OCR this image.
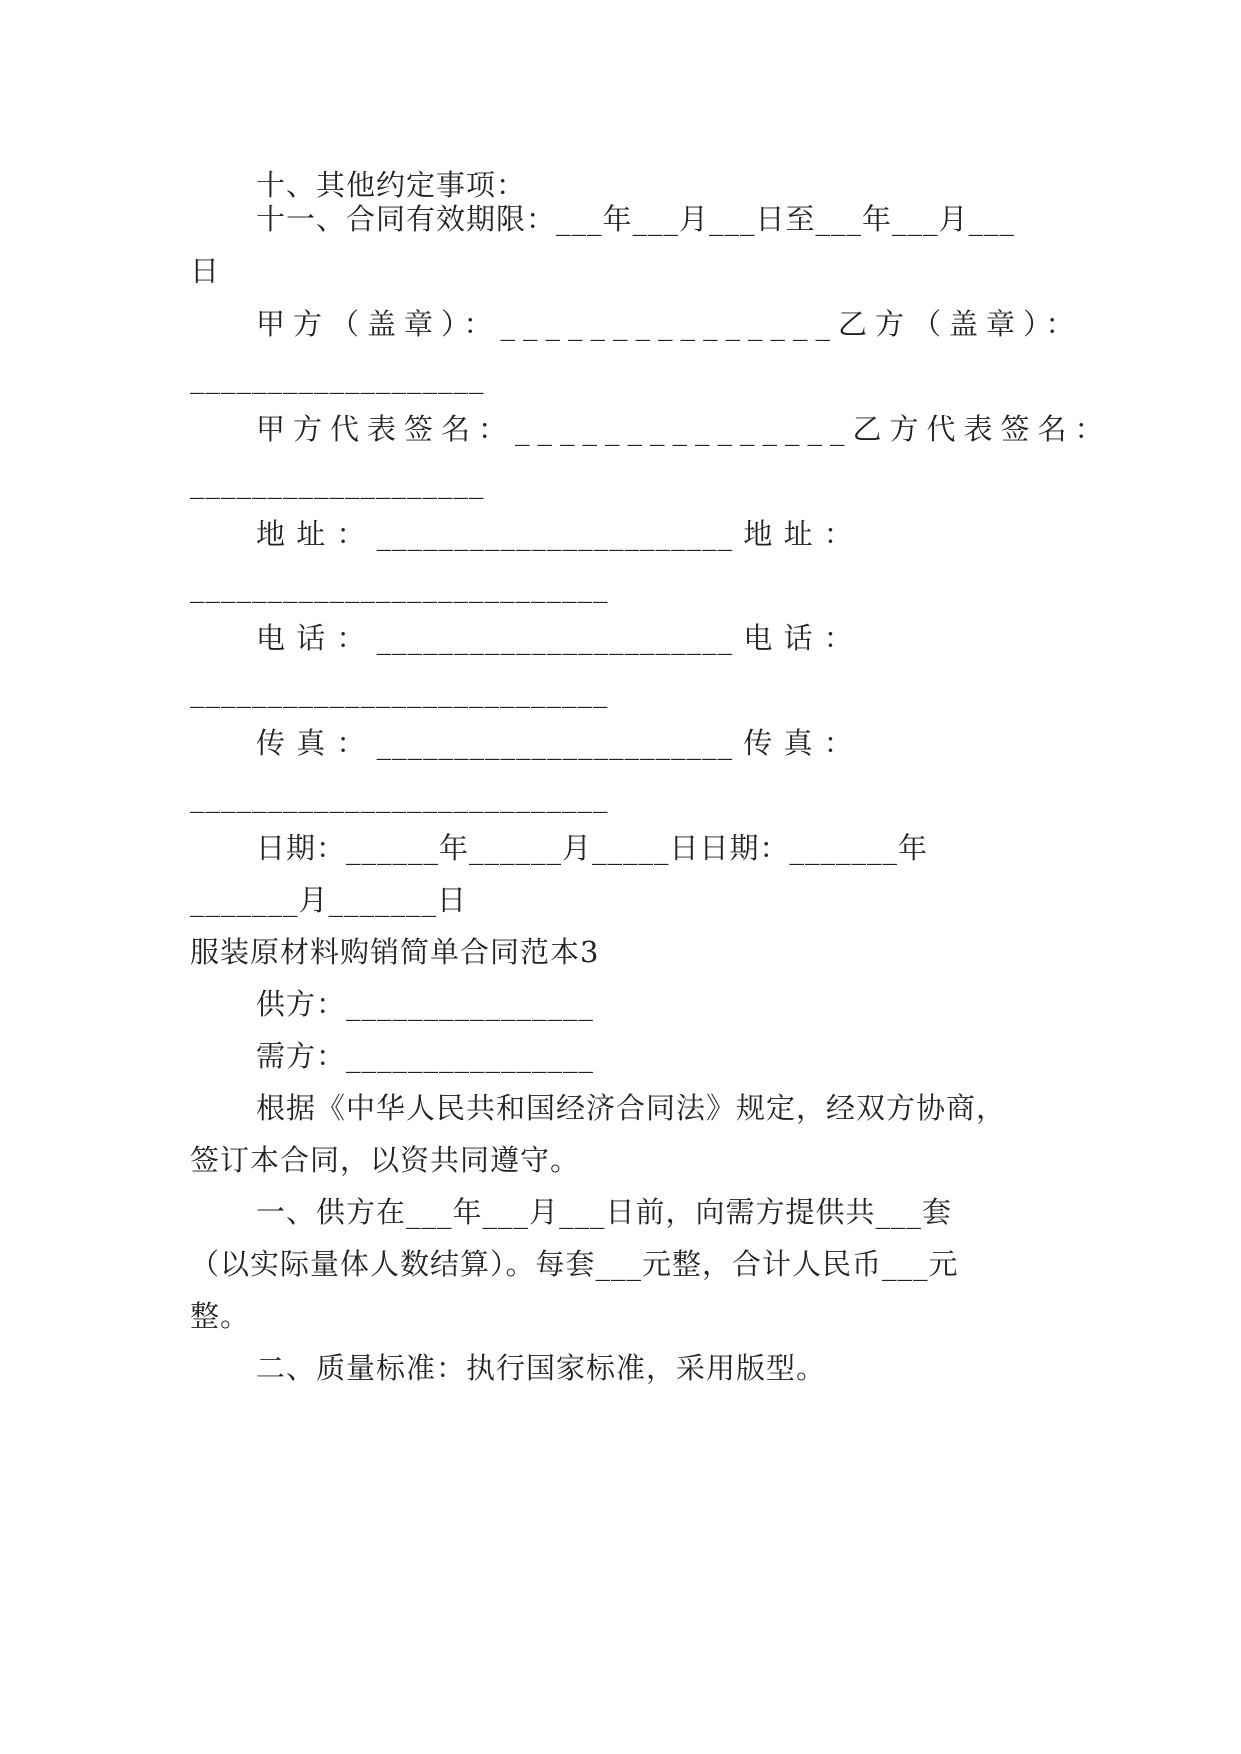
十、其他约定事项：
十一、合同有效期限：___年___月___日至___年___月___
日
甲方（盖章）：_______________乙方（盖章）：
___________________
甲方代表签名：_______________乙方代表签名：
___________________
地 址 ： _______________________ 地 址 ：
___________________________
电 话 ： _______________________ 电 话 ：
___________________________
传 真 ： _______________________ 传 真 ：
___________________________
日期：______年______月_____日日期：_______年
_______月_______日
服装原材料购销简单合同范本3
供方：________________
需方：________________
根据《中华人民共和国经济合同法》规定，经双方协商，
签订本合同，以资共同遵守。
一、供方在___年___月___日前，向需方提供共___套
（以实际量体人数结算）。每套___元整，合计人民币___元
整。
二、质量标准：执行国家标准，采用版型。
